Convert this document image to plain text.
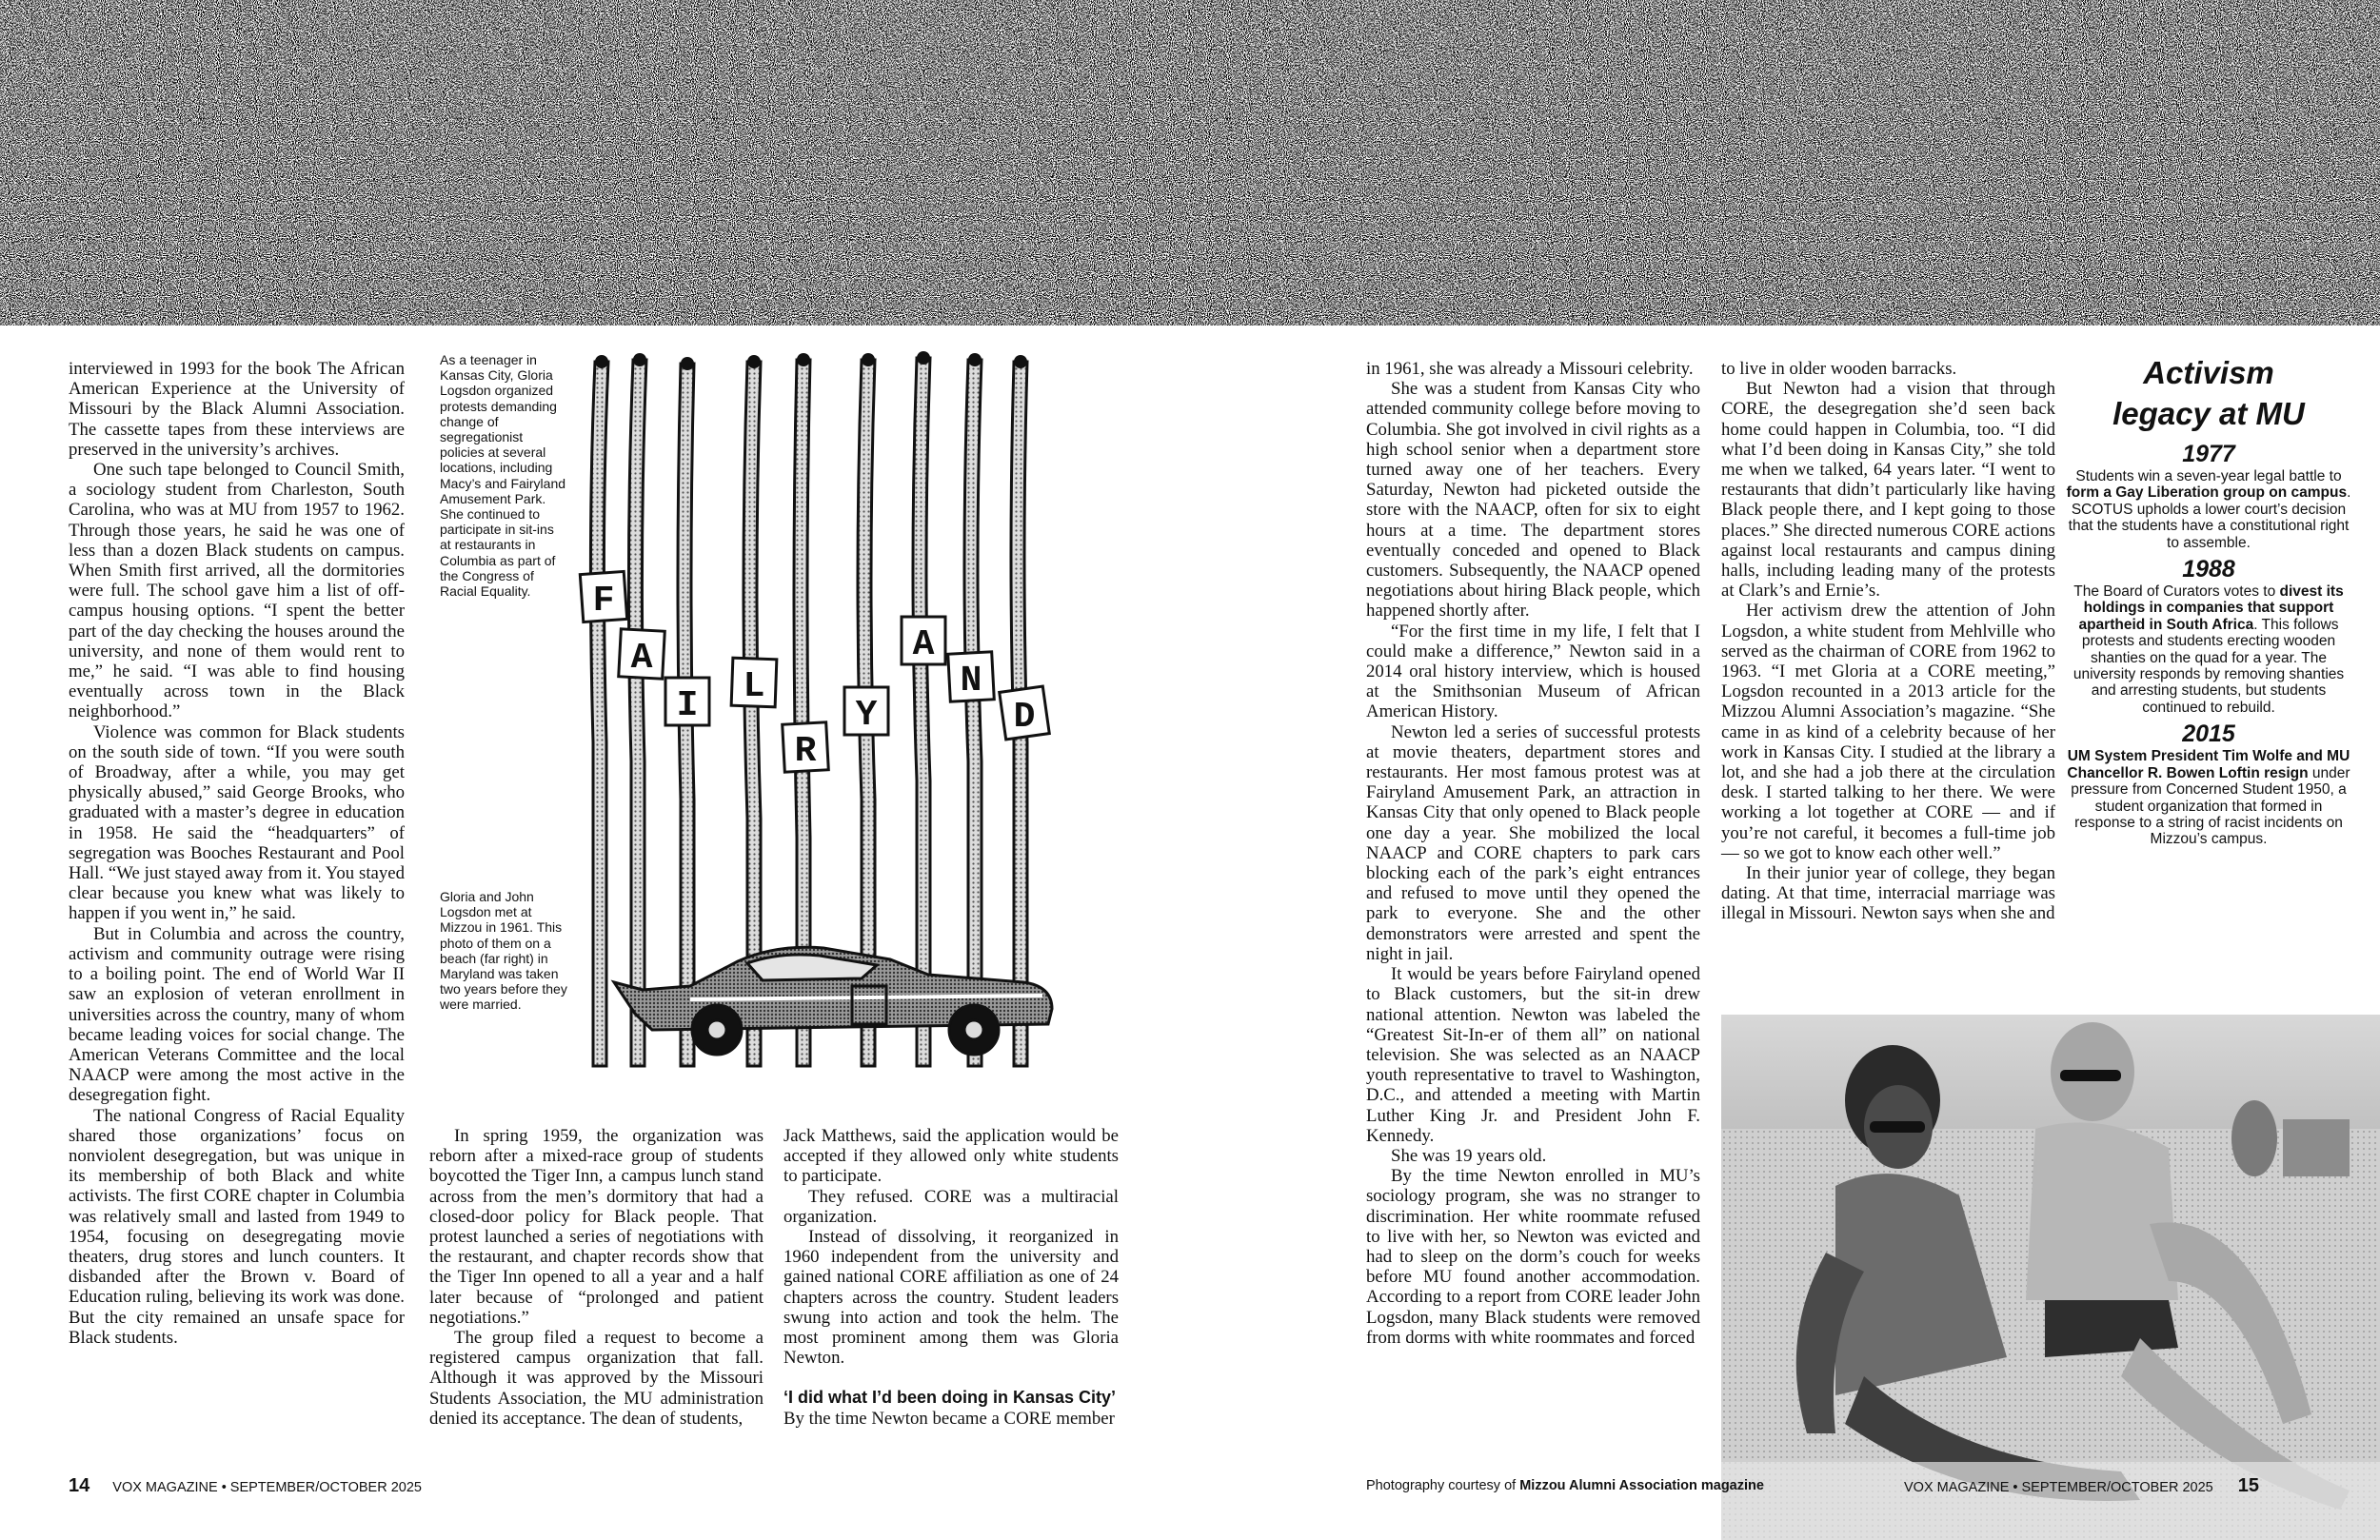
interviewed in 1993 for the book The African American Experience at the University of Missouri by the Black Alumni Association. The cassette tapes from these interviews are preserved in the university’s archives.

One such tape belonged to Council Smith, a sociology student from Charleston, South Carolina, who was at MU from 1957 to 1962. Through those years, he said he was one of less than a dozen Black students on campus. When Smith first arrived, all the dormitories were full. The school gave him a list of off-campus housing options. “I spent the better part of the day checking the houses around the university, and none of them would rent to me,” he said. “I was able to find housing eventually across town in the Black neighborhood.”

Violence was common for Black students on the south side of town. “If you were south of Broadway, after a while, you may get physically abused,” said George Brooks, who graduated with a master’s degree in education in 1958. He said the “headquarters” of segregation was Booches Restaurant and Pool Hall. “We just stayed away from it. You stayed clear because you knew what was likely to happen if you went in,” he said.

But in Columbia and across the country, activism and community outrage were rising to a boiling point. The end of World War II saw an explosion of veteran enrollment in universities across the country, many of whom became leading voices for social change. The American Veterans Committee and the local NAACP were among the most active in the desegregation fight.

The national Congress of Racial Equality shared those organizations’ focus on nonviolent desegregation, but was unique in its membership of both Black and white activists. The first CORE chapter in Columbia was relatively small and lasted from 1949 to 1954, focusing on desegregating movie theaters, drug stores and lunch counters. It disbanded after the Brown v. Board of Education ruling, believing its work was done. But the city remained an unsafe space for Black students.

In spring 1959, the organization was reborn after a mixed-race group of students boycotted the Tiger Inn, a campus lunch stand across from the men’s dormitory that had a closed-door policy for Black people. That protest launched a series of negotiations with the restaurant, and chapter records show that the Tiger Inn opened to all a year and a half later because of “prolonged and patient negotiations.”

The group filed a request to become a registered campus organization that fall. Although it was approved by the Missouri Students Association, the MU administration denied its acceptance. The dean of students,

Jack Matthews, said the application would be accepted if they allowed only white students to participate.

They refused. CORE was a multiracial organization.

Instead of dissolving, it reorganized in 1960 independent from the university and gained national CORE affiliation as one of 24 chapters across the country. Student leaders swung into action and took the helm. The most prominent among them was Gloria Newton.

‘I did what I’d been doing in Kansas City’

By the time Newton became a CORE member

As a teenager in Kansas City, Gloria Logsdon organized protests demanding change of segregationist policies at several locations, including Macy’s and Fairyland Amusement Park. She continued to participate in sit-ins at restaurants in Columbia as part of the Congress of Racial Equality.
Gloria and John Logsdon met at Mizzou in 1961. This photo of them on a beach (far right) in Maryland was taken two years before they were married.
F
A
I
R
Y
L
A
N
D

in 1961, she was already a Missouri celebrity.

She was a student from Kansas City who attended community college before moving to Columbia. She got involved in civil rights as a high school senior when a department store turned away one of her teachers. Every Saturday, Newton had picketed outside the store with the NAACP, often for six to eight hours at a time. The department stores eventually conceded and opened to Black customers. Subsequently, the NAACP opened negotiations about hiring Black people, which happened shortly after.

“For the first time in my life, I felt that I could make a difference,” Newton said in a 2014 oral history interview, which is housed at the Smithsonian Museum of African American History.

Newton led a series of successful protests at movie theaters, department stores and restaurants. Her most famous protest was at Fairyland Amusement Park, an attraction in Kansas City that only opened to Black people one day a year. She mobilized the local NAACP and CORE chapters to park cars blocking each of the park’s eight entrances and refused to move until they opened the park to everyone. She and the other demonstrators were arrested and spent the night in jail.

It would be years before Fairyland opened to Black customers, but the sit-in drew national attention. Newton was labeled the “Greatest Sit-In-er of them all” on national television. She was selected as an NAACP youth representative to travel to Washington, D.C., and attended a meeting with Martin Luther King Jr. and President John F. Kennedy.

She was 19 years old.

By the time Newton enrolled in MU’s sociology program, she was no stranger to discrimination. Her white roommate refused to live with her, so Newton was evicted and had to sleep on the dorm’s couch for weeks before MU found another accommodation. According to a report from CORE leader John Logsdon, many Black students were removed from dorms with white roommates and forced

to live in older wooden barracks.

But Newton had a vision that through CORE, the desegregation she’d seen back home could happen in Columbia, too. “I did what I’d been doing in Kansas City,” she told me when we talked, 64 years later. “I went to restaurants that didn’t particularly like having Black people there, and I kept going to those places.” She directed numerous CORE actions against local restaurants and campus dining halls, including leading many of the protests at Clark’s and Ernie’s.

Her activism drew the attention of John Logsdon, a white student from Mehlville who served as the chairman of CORE from 1962 to 1963. “I met Gloria at a CORE meeting,” Logsdon recounted in a 2013 article for the Mizzou Alumni Association’s magazine. “She came in as kind of a celebrity because of her work in Kansas City. I studied at the library a lot, and she had a job there at the circulation desk. I started talking to her there. We were working a lot together at CORE — and if you’re not careful, it becomes a full-time job — so we got to know each other well.”

In their junior year of college, they began dating. At that time, interracial marriage was illegal in Missouri. Newton says when she and

Activism
legacy at MU
1977
Students win a seven-year legal battle to form a Gay Liberation group on campus. SCOTUS upholds a lower court’s decision that the students have a constitutional right to assemble.
1988
The Board of Curators votes to divest its holdings in companies that support apartheid in South Africa. This follows protests and students erecting wooden shanties on the quad for a year. The university responds by removing shanties and arresting students, but students continued to rebuild.
2015
UM System President Tim Wolfe and MU Chancellor R. Bowen Loftin resign under pressure from Concerned Student 1950, a student organization that formed in response to a string of racist incidents on Mizzou’s campus.
14 VOX MAGAZINE • SEPTEMBER/OCTOBER 2025	Photography courtesy of Mizzou Alumni Association magazine	VOX MAGAZINE • SEPTEMBER/OCTOBER 2025 15
